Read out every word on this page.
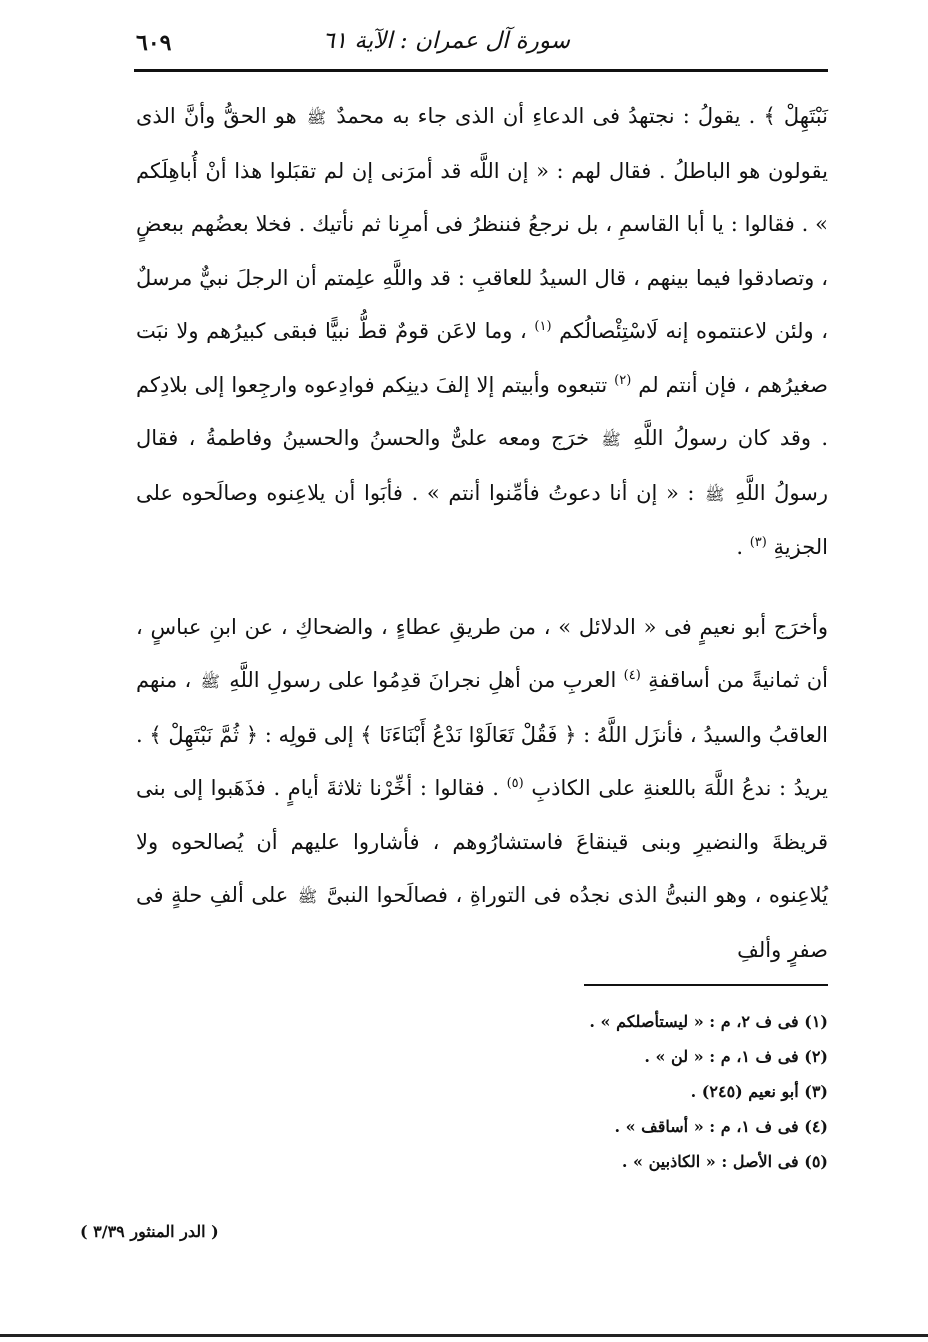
سورة آل عمران : الآية ٦١
٦٠٩

نَبْتَهِلْ ﴾ . يقولُ : نجتهدُ فى الدعاءِ أن الذى جاء به محمدٌ ﷺ هو الحقُّ وأنَّ الذى يقولون هو الباطلُ . فقال لهم : « إن اللَّه قد أمرَنى إن لم تقبَلوا هذا أنْ أُباهِلَكم » . فقالوا : يا أبا القاسمِ ، بل نرجعُ فننظرُ فى أمرِنا ثم نأتيك . فخلا بعضُهم ببعضٍ ، وتصادقوا فيما بينهم ، قال السيدُ للعاقبِ : قد واللَّهِ علِمتم أن الرجلَ نبيٌّ مرسلٌ ، ولئن لاعنتموه إنه لَاسْتِئْصالُكم $^{(١)}$ ، وما لاعَن قومٌ قطُّ نبيًّا فبقى كبيرُهم ولا نبَت صغيرُهم ، فإن أنتم لم $^{(٢)}$ تتبعوه وأبيتم إلا إلفَ دينِكم فوادِعوه وارجِعوا إلى بلادِكم . وقد كان رسولُ اللَّهِ ﷺ خرَج ومعه علىٌّ والحسنُ والحسينُ وفاطمةُ ، فقال رسولُ اللَّهِ ﷺ : « إن أنا دعوتُ فأمِّنوا أنتم » . فأبَوا أن يلاعِنوه وصالَحوه على الجزيةِ $^{(٣)}$ .

وأخرَج أبو نعيمٍ فى « الدلائل » ، من طريقِ عطاءٍ ، والضحاكِ ، عن ابنِ عباسٍ ، أن ثمانيةً من أساقفةِ $^{(٤)}$ العربِ من أهلِ نجرانَ قدِمُوا على رسولِ اللَّهِ ﷺ ، منهم العاقبُ والسيدُ ، فأنزَل اللَّهُ : ﴿ فَقُلْ تَعَالَوْا نَدْعُ أَبْنَاءَنَا ﴾ إلى قولِه : ﴿ ثُمَّ نَبْتَهِلْ ﴾ . يريدُ : ندعُ اللَّهَ باللعنةِ على الكاذبِ $^{(٥)}$ . فقالوا : أخِّرْنا ثلاثةَ أيامٍ . فذَهَبوا إلى بنى قريظةَ والنضيرِ وبنى قينقاعَ فاستشارُوهم ، فأشاروا عليهم أن يُصالحوه ولا يُلاعِنوه ، وهو النبىُّ الذى نجدُه فى التوراةِ ، فصالَحوا النبىَّ ﷺ على ألفِ حلةٍ فى صفرٍ وألفِ

(١) فى ف ٢، م : « ليستأصلكم » .
(٢) فى ف ١، م : « لن » .
(٣) أبو نعيم (٢٤٥) .
(٤) فى ف ١، م : « أساقف » .
(٥) فى الأصل : « الكاذبين » .
( الدر المنثور ٣/٣٩ )
